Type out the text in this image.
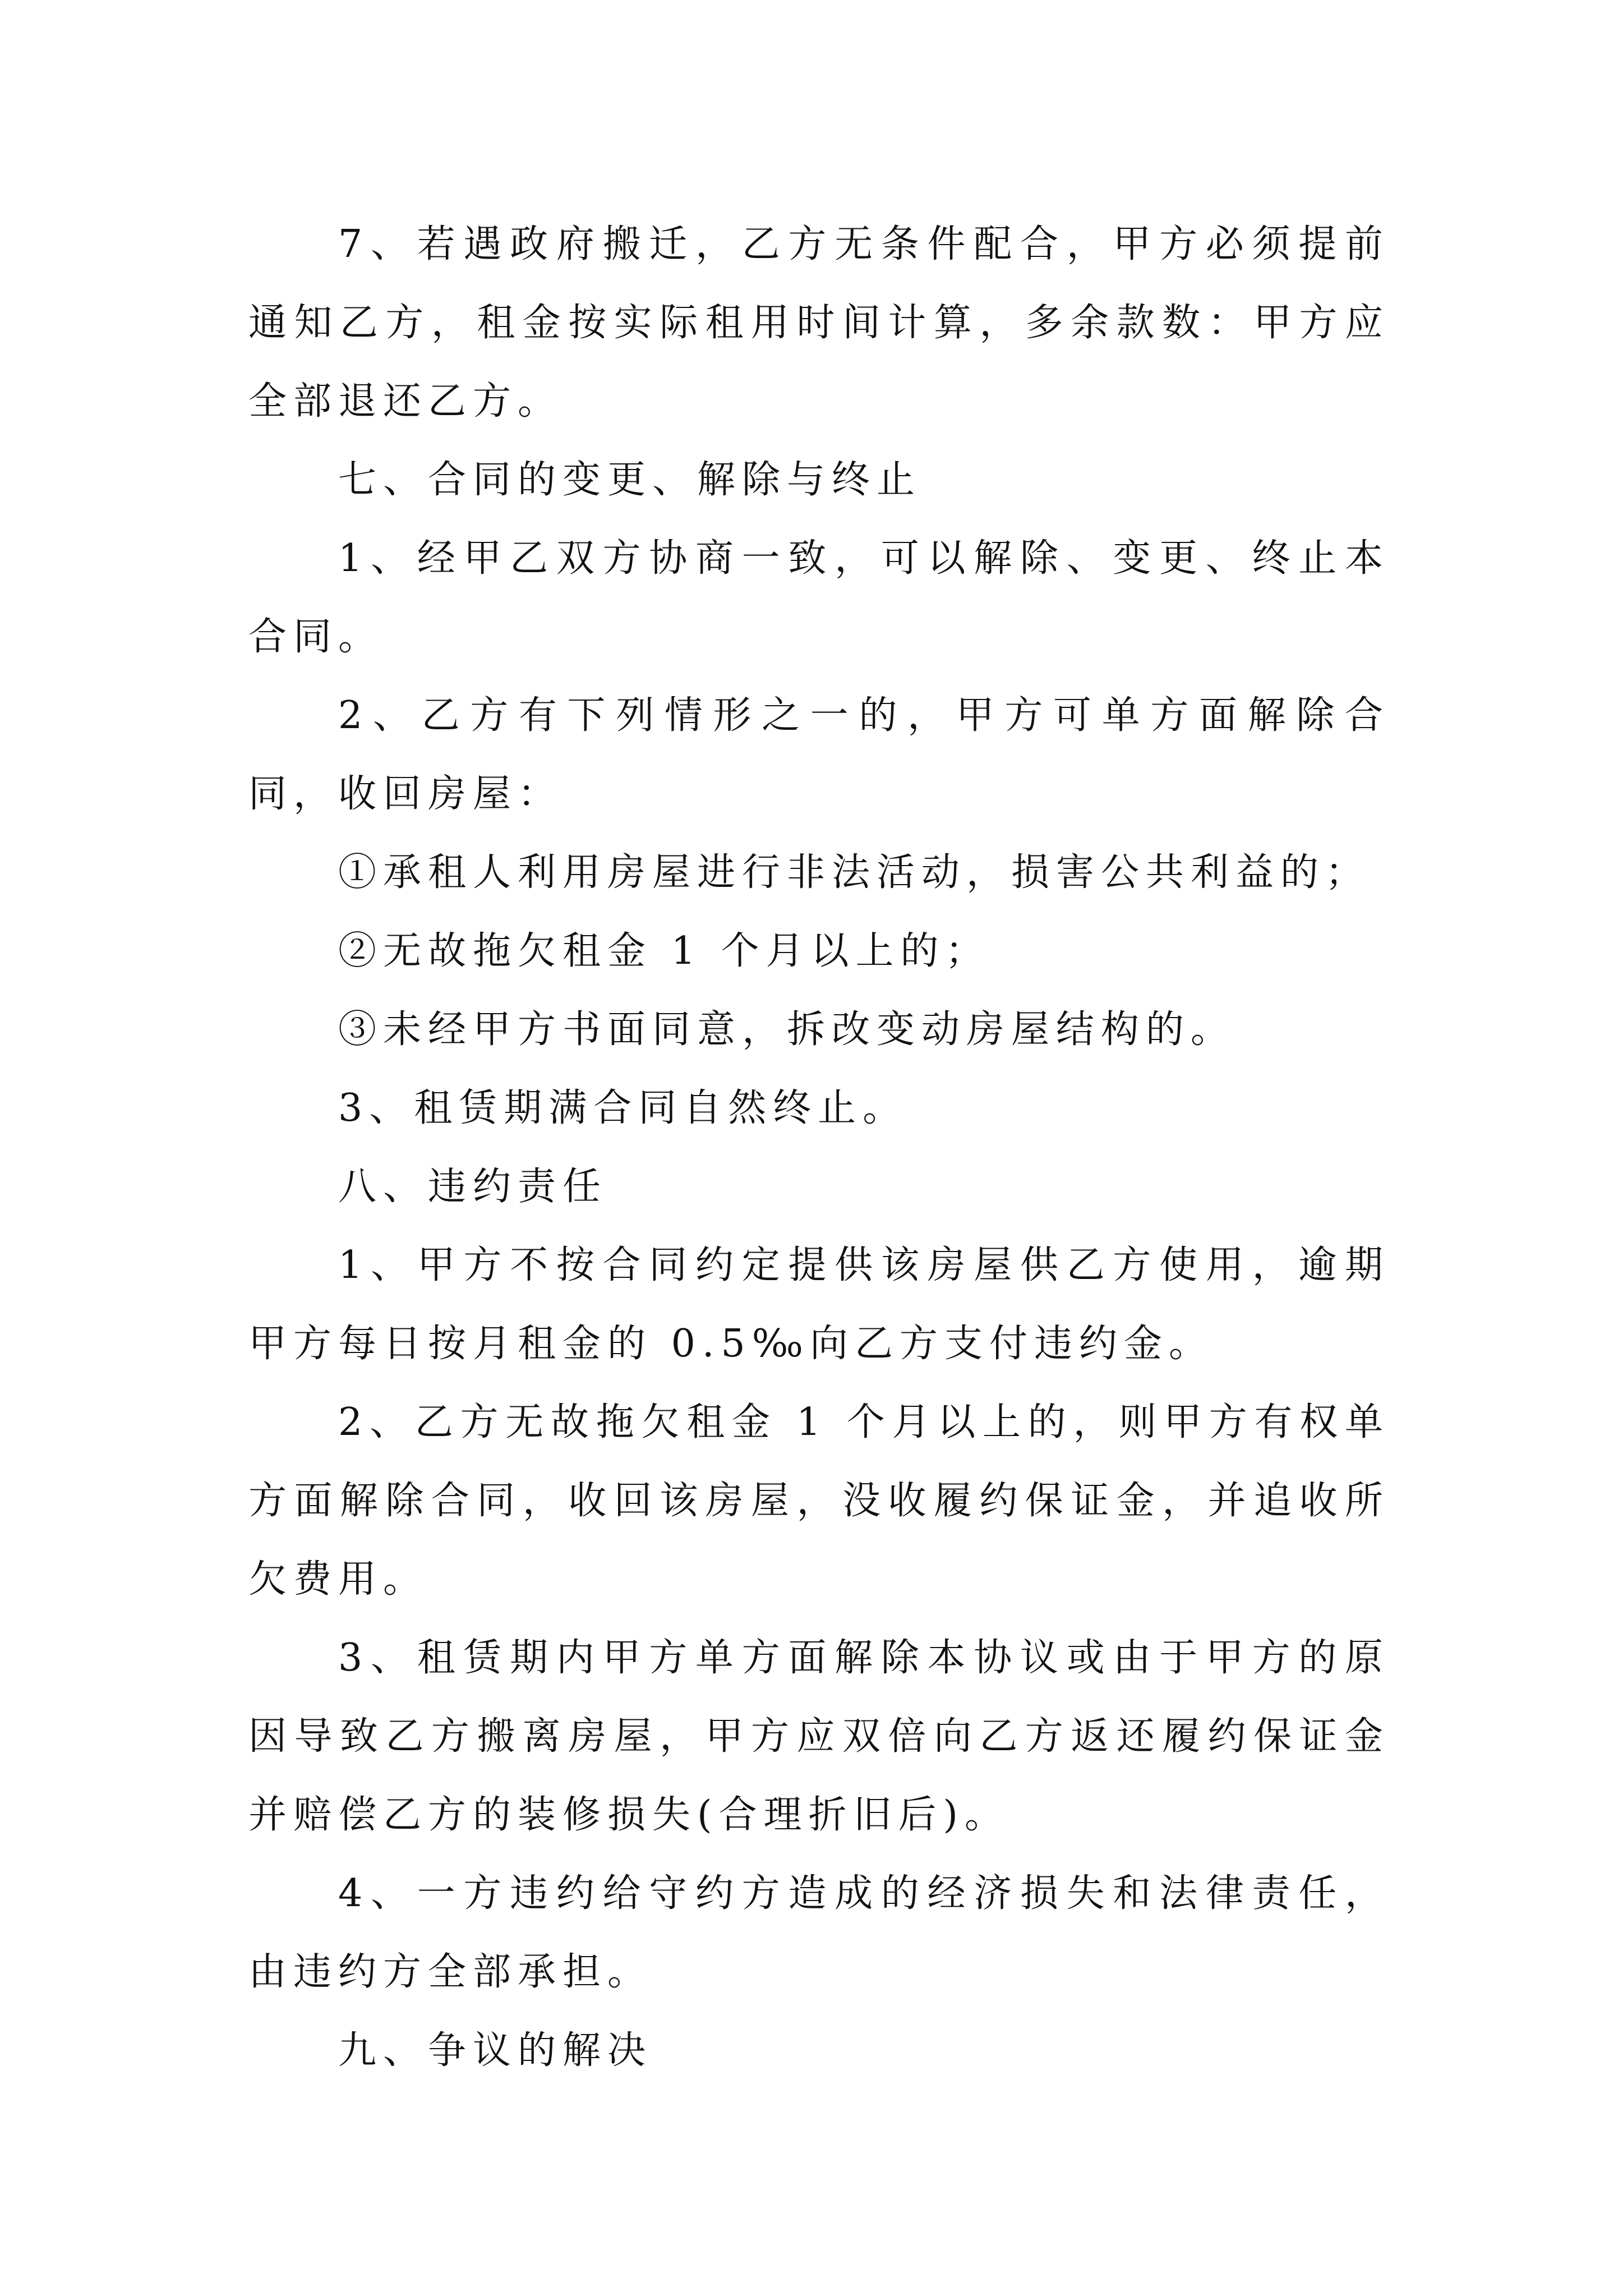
7、若遇政府搬迁，乙方无条件配合，甲方必须提前通知乙方，租金按实际租用时间计算，多余款数：甲方应全部退还乙方。

七、合同的变更、解除与终止

1、经甲乙双方协商一致，可以解除、变更、终止本合同。

2、乙方有下列情形之一的，甲方可单方面解除合同，收回房屋：

①承租人利用房屋进行非法活动，损害公共利益的；

②无故拖欠租金 1 个月以上的；

③未经甲方书面同意，拆改变动房屋结构的。

3、租赁期满合同自然终止。

八、违约责任

1、甲方不按合同约定提供该房屋供乙方使用，逾期甲方每日按月租金的 0.5‰向乙方支付违约金。

2、乙方无故拖欠租金 1 个月以上的，则甲方有权单方面解除合同，收回该房屋，没收履约保证金，并追收所欠费用。

3、租赁期内甲方单方面解除本协议或由于甲方的原因导致乙方搬离房屋，甲方应双倍向乙方返还履约保证金并赔偿乙方的装修损失(合理折旧后)。

4、一方违约给守约方造成的经济损失和法律责任，由违约方全部承担。

九、争议的解决
